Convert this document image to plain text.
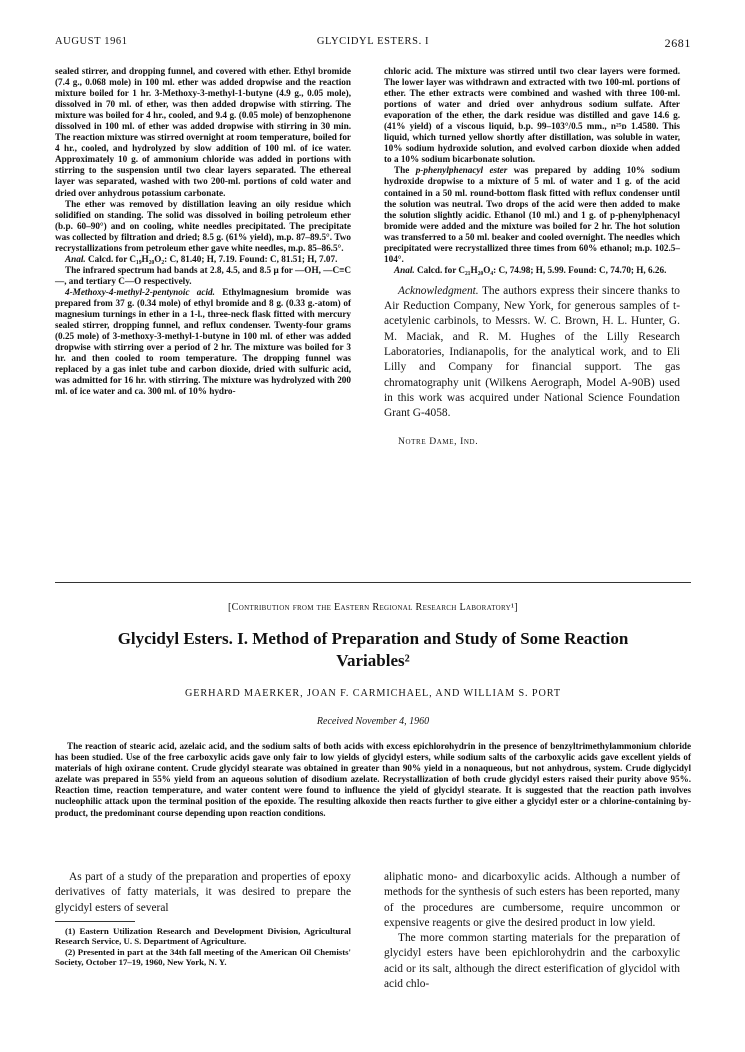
AUGUST 1961	GLYCIDYL ESTERS. I	2681

sealed stirrer, and dropping funnel, and covered with ether. Ethyl bromide (7.4 g., 0.068 mole) in 100 ml. ether was added dropwise and the reaction mixture boiled for 1 hr. 3-Methoxy-3-methyl-1-butyne (4.9 g., 0.05 mole), dissolved in 70 ml. of ether, was then added dropwise with stirring. The mixture was boiled for 4 hr., cooled, and 9.4 g. (0.05 mole) of benzophenone dissolved in 100 ml. of ether was added dropwise with stirring in 30 min. The reaction mixture was stirred overnight at room temperature, boiled for 4 hr., cooled, and hydrolyzed by slow addition of 100 ml. of ice water. Approximately 10 g. of ammonium chloride was added in portions with stirring to the suspension until two clear layers separated. The ethereal layer was separated, washed with two 200-ml. portions of cold water and dried over anhydrous potassium carbonate.

The ether was removed by distillation leaving an oily residue which solidified on standing. The solid was dissolved in boiling petroleum ether (b.p. 60–90°) and on cooling, white needles precipitated. The precipitate was collected by filtration and dried; 8.5 g. (61% yield), m.p. 87–89.5°. Two recrystallizations from petroleum ether gave white needles, m.p. 85–86.5°.

Anal. Calcd. for C₁₉H₂₀O₂: C, 81.40; H, 7.19. Found: C, 81.51; H, 7.07.

The infrared spectrum had bands at 2.8, 4.5, and 8.5 μ for —OH, —C≡C—, and tertiary C—O respectively.

4-Methoxy-4-methyl-2-pentynoic acid. Ethylmagnesium bromide was prepared from 37 g. (0.34 mole) of ethyl bromide and 8 g. (0.33 g.-atom) of magnesium turnings in ether in a 1-l., three-neck flask fitted with mercury sealed stirrer, dropping funnel, and reflux condenser. Twenty-four grams (0.25 mole) of 3-methoxy-3-methyl-1-butyne in 100 ml. of ether was added dropwise with stirring over a period of 2 hr. The mixture was boiled for 3 hr. and then cooled to room temperature. The dropping funnel was replaced by a gas inlet tube and carbon dioxide, dried with sulfuric acid, was admitted for 16 hr. with stirring. The mixture was hydrolyzed with 200 ml. of ice water and ca. 300 ml. of 10% hydro-

chloric acid. The mixture was stirred until two clear layers were formed. The lower layer was withdrawn and extracted with two 100-ml. portions of ether. The ether extracts were combined and washed with three 100-ml. portions of water and dried over anhydrous sodium sulfate. After evaporation of the ether, the dark residue was distilled and gave 14.6 g. (41% yield) of a viscous liquid, b.p. 99–103°/0.5 mm., n²⁵ᴅ 1.4580. This liquid, which turned yellow shortly after distillation, was soluble in water, 10% sodium hydroxide solution, and evolved carbon dioxide when added to a 10% sodium bicarbonate solution.

The p-phenylphenacyl ester was prepared by adding 10% sodium hydroxide dropwise to a mixture of 5 ml. of water and 1 g. of the acid contained in a 50 ml. round-bottom flask fitted with reflux condenser until the solution was neutral. Two drops of the acid were then added to make the solution slightly acidic. Ethanol (10 ml.) and 1 g. of p-phenylphenacyl bromide were added and the mixture was boiled for 2 hr. The hot solution was transferred to a 50 ml. beaker and cooled overnight. The needles which precipitated were recrystallized three times from 60% ethanol; m.p. 102.5–104°.

Anal. Calcd. for C₂₁H₂₀O₄: C, 74.98; H, 5.99. Found: C, 74.70; H, 6.26.

Acknowledgment. The authors express their sincere thanks to Air Reduction Company, New York, for generous samples of t-acetylenic carbinols, to Messrs. W. C. Brown, H. L. Hunter, G. M. Maciak, and R. M. Hughes of the Lilly Research Laboratories, Indianapolis, for the analytical work, and to Eli Lilly and Company for financial support. The gas chromatography unit (Wilkens Aerograph, Model A-90B) used in this work was acquired under National Science Foundation Grant G-4058.

Notre Dame, Ind.

[Contribution from the Eastern Regional Research Laboratory¹]
Glycidyl Esters. I. Method of Preparation and Study of Some Reaction Variables²
GERHARD MAERKER, JOAN F. CARMICHAEL, AND WILLIAM S. PORT
Received November 4, 1960

The reaction of stearic acid, azelaic acid, and the sodium salts of both acids with excess epichlorohydrin in the presence of benzyltrimethylammonium chloride has been studied. Use of the free carboxylic acids gave only fair to low yields of glycidyl esters, while sodium salts of the carboxylic acids gave excellent yields of materials of high oxirane content. Crude glycidyl stearate was obtained in greater than 90% yield in a nonaqueous, but not anhydrous, system. Crude diglycidyl azelate was prepared in 55% yield from an aqueous solution of disodium azelate. Recrystallization of both crude glycidyl esters raised their purity above 95%. Reaction time, reaction temperature, and water content were found to influence the yield of glycidyl stearate. It is suggested that the reaction path involves nucleophilic attack upon the terminal position of the epoxide. The resulting alkoxide then reacts further to give either a glycidyl ester or a chlorine-containing by-product, the predominant course depending upon reaction conditions.

As part of a study of the preparation and properties of epoxy derivatives of fatty materials, it was desired to prepare the glycidyl esters of several

(1) Eastern Utilization Research and Development Division, Agricultural Research Service, U. S. Department of Agriculture.

(2) Presented in part at the 34th fall meeting of the American Oil Chemists' Society, October 17–19, 1960, New York, N. Y.

aliphatic mono- and dicarboxylic acids. Although a number of methods for the synthesis of such esters has been reported, many of the procedures are cumbersome, require uncommon or expensive reagents or give the desired product in low yield.

The more common starting materials for the preparation of glycidyl esters have been epichlorohydrin and the carboxylic acid or its salt, although the direct esterification of glycidol with acid chlo-
